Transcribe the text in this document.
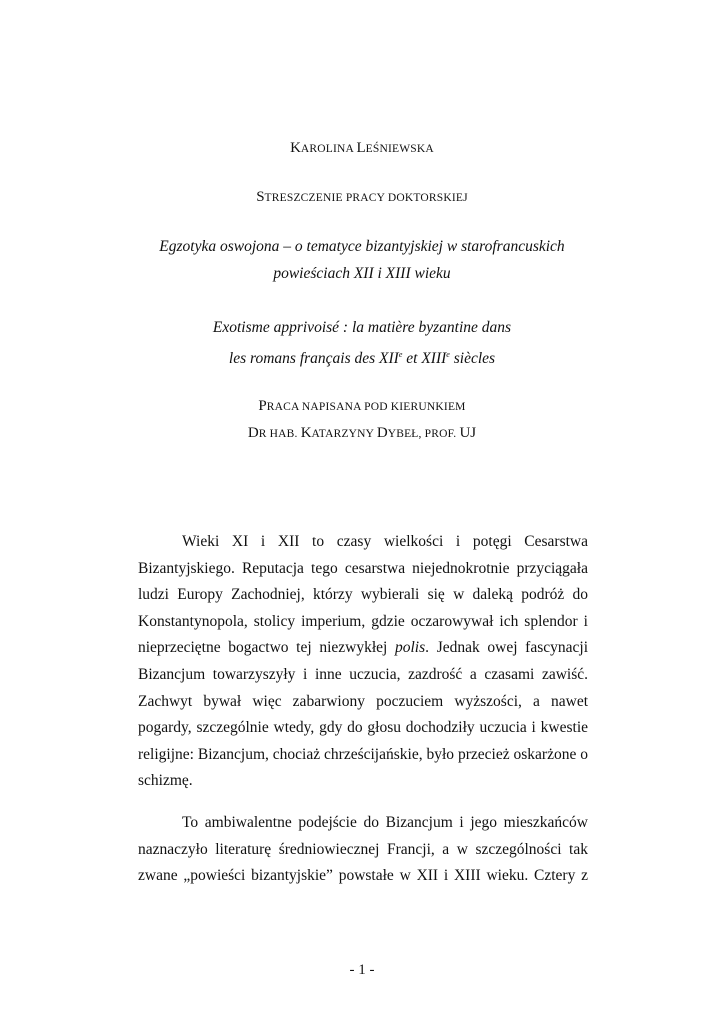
KAROLINA LEŚNIEWSKA
STRESZCZENIE PRACY DOKTORSKIEJ
Egzotyka oswojona – o tematyce bizantyjskiej w starofrancuskich
powieściach XII i XIII wieku
Exotisme apprivoisé : la matière byzantine dans
les romans français des XIIe et XIIIe siècles
PRACA NAPISANA POD KIERUNKIEM
DR HAB. KATARZYNY DYBEŁ, PROF. UJ
Wieki XI i XII to czasy wielkości i potęgi Cesarstwa
Bizantyjskiego. Reputacja tego cesarstwa niejednokrotnie przyciągała
ludzi Europy Zachodniej, którzy wybierali się w daleką podróż do
Konstantynopola, stolicy imperium, gdzie oczarowywał ich splendor i
nieprzeciętne bogactwo tej niezwykłej polis. Jednak owej fascynacji
Bizancjum towarzyszyły i inne uczucia, zazdrość a czasami zawiść.
Zachwyt bywał więc zabarwiony poczuciem wyższości, a nawet
pogardy, szczególnie wtedy, gdy do głosu dochodziły uczucia i kwestie
religijne: Bizancjum, chociaż chrześcijańskie, było przecież oskarżone o
schizmę.
To ambiwalentne podejście do Bizancjum i jego mieszkańców
naznaczyło literaturę średniowiecznej Francji, a w szczególności tak
zwane „powieści bizantyjskie” powstałe w XII i XIII wieku. Cztery z
- 1 -
